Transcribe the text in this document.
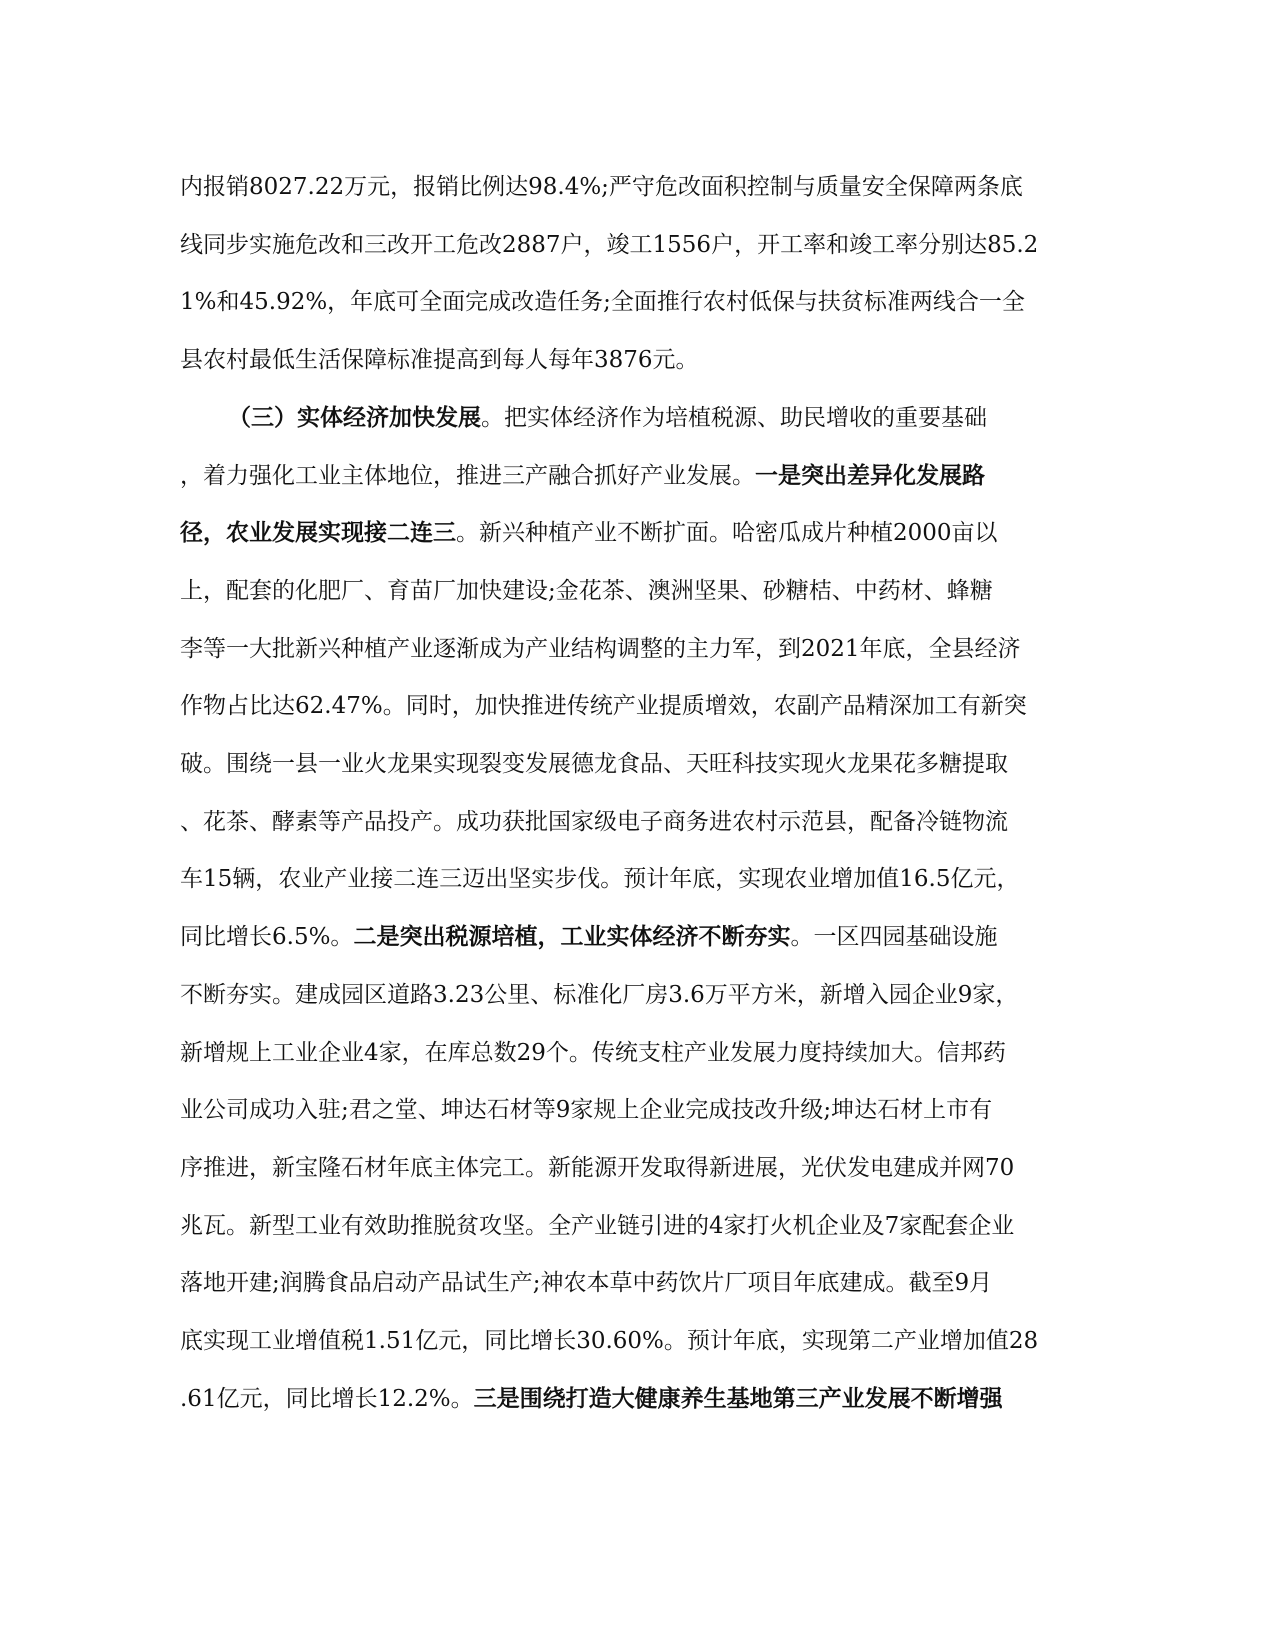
内报销8027.22万元，报销比例达98.4%;严守危改面积控制与质量安全保障两条底
线同步实施危改和三改开工危改2887户，竣工1556户，开工率和竣工率分别达85.2
1%和45.92%，年底可全面完成改造任务;全面推行农村低保与扶贫标准两线合一全
县农村最低生活保障标准提高到每人每年3876元。
（三）实体经济加快发展。把实体经济作为培植税源、助民增收的重要基础
，着力强化工业主体地位，推进三产融合抓好产业发展。一是突出差异化发展路
径，农业发展实现接二连三。新兴种植产业不断扩面。哈密瓜成片种植2000亩以
上，配套的化肥厂、育苗厂加快建设;金花茶、澳洲坚果、砂糖桔、中药材、蜂糖
李等一大批新兴种植产业逐渐成为产业结构调整的主力军，到2021年底，全县经济
作物占比达62.47%。同时，加快推进传统产业提质增效，农副产品精深加工有新突
破。围绕一县一业火龙果实现裂变发展德龙食品、天旺科技实现火龙果花多糖提取
、花茶、酵素等产品投产。成功获批国家级电子商务进农村示范县，配备冷链物流
车15辆，农业产业接二连三迈出坚实步伐。预计年底，实现农业增加值16.5亿元，
同比增长6.5%。二是突出税源培植，工业实体经济不断夯实。一区四园基础设施
不断夯实。建成园区道路3.23公里、标准化厂房3.6万平方米，新增入园企业9家，
新增规上工业企业4家，在库总数29个。传统支柱产业发展力度持续加大。信邦药
业公司成功入驻;君之堂、坤达石材等9家规上企业完成技改升级;坤达石材上市有
序推进，新宝隆石材年底主体完工。新能源开发取得新进展，光伏发电建成并网70
兆瓦。新型工业有效助推脱贫攻坚。全产业链引进的4家打火机企业及7家配套企业
落地开建;润腾食品启动产品试生产;神农本草中药饮片厂项目年底建成。截至9月
底实现工业增值税1.51亿元，同比增长30.60%。预计年底，实现第二产业增加值28
.61亿元，同比增长12.2%。三是围绕打造大健康养生基地第三产业发展不断增强
